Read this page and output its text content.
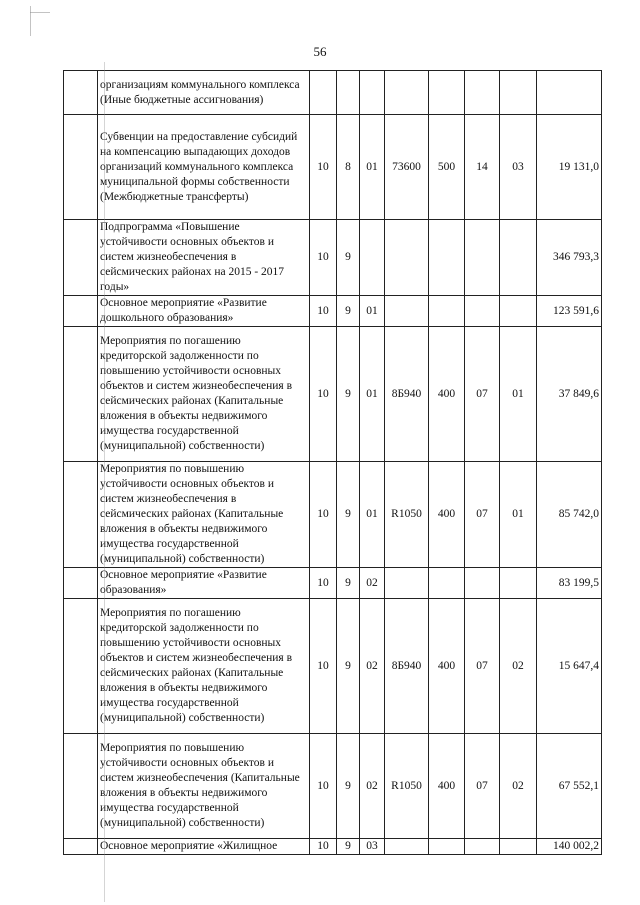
56
	организациям коммунального комплекса (Иные бюджетные ассигнования)								
	Субвенции на предоставление субсидий на компенсацию выпадающих доходов организаций коммунального комплекса муниципальной формы собственности (Межбюджетные трансферты)	10	8	01	73600	500	14	03	19 131,0
	Подпрограмма «Повышение устойчивости основных объектов и систем жизнеобеспечения в сейсмических районах на 2015 - 2017 годы»	10	9						346 793,3
	Основное мероприятие «Развитие дошкольного образования»	10	9	01					123 591,6
	Мероприятия по погашению кредиторской задолженности по повышению устойчивости основных объектов и систем жизнеобеспечения в сейсмических районах (Капитальные вложения в объекты недвижимого имущества государственной (муниципальной) собственности)	10	9	01	8Б940	400	07	01	37 849,6
	Мероприятия по повышению устойчивости основных объектов и систем жизнеобеспечения в сейсмических районах (Капитальные вложения в объекты недвижимого имущества государственной (муниципальной) собственности)	10	9	01	R1050	400	07	01	85 742,0
	Основное мероприятие «Развитие образования»	10	9	02					83 199,5
	Мероприятия по погашению кредиторской задолженности по повышению устойчивости основных объектов и систем жизнеобеспечения в сейсмических районах (Капитальные вложения в объекты недвижимого имущества государственной (муниципальной) собственности)	10	9	02	8Б940	400	07	02	15 647,4
	Мероприятия по повышению устойчивости основных объектов и систем жизнеобеспечения (Капитальные вложения в объекты недвижимого имущества государственной (муниципальной) собственности)	10	9	02	R1050	400	07	02	67 552,1
	Основное мероприятие «Жилищное	10	9	03					140 002,2
